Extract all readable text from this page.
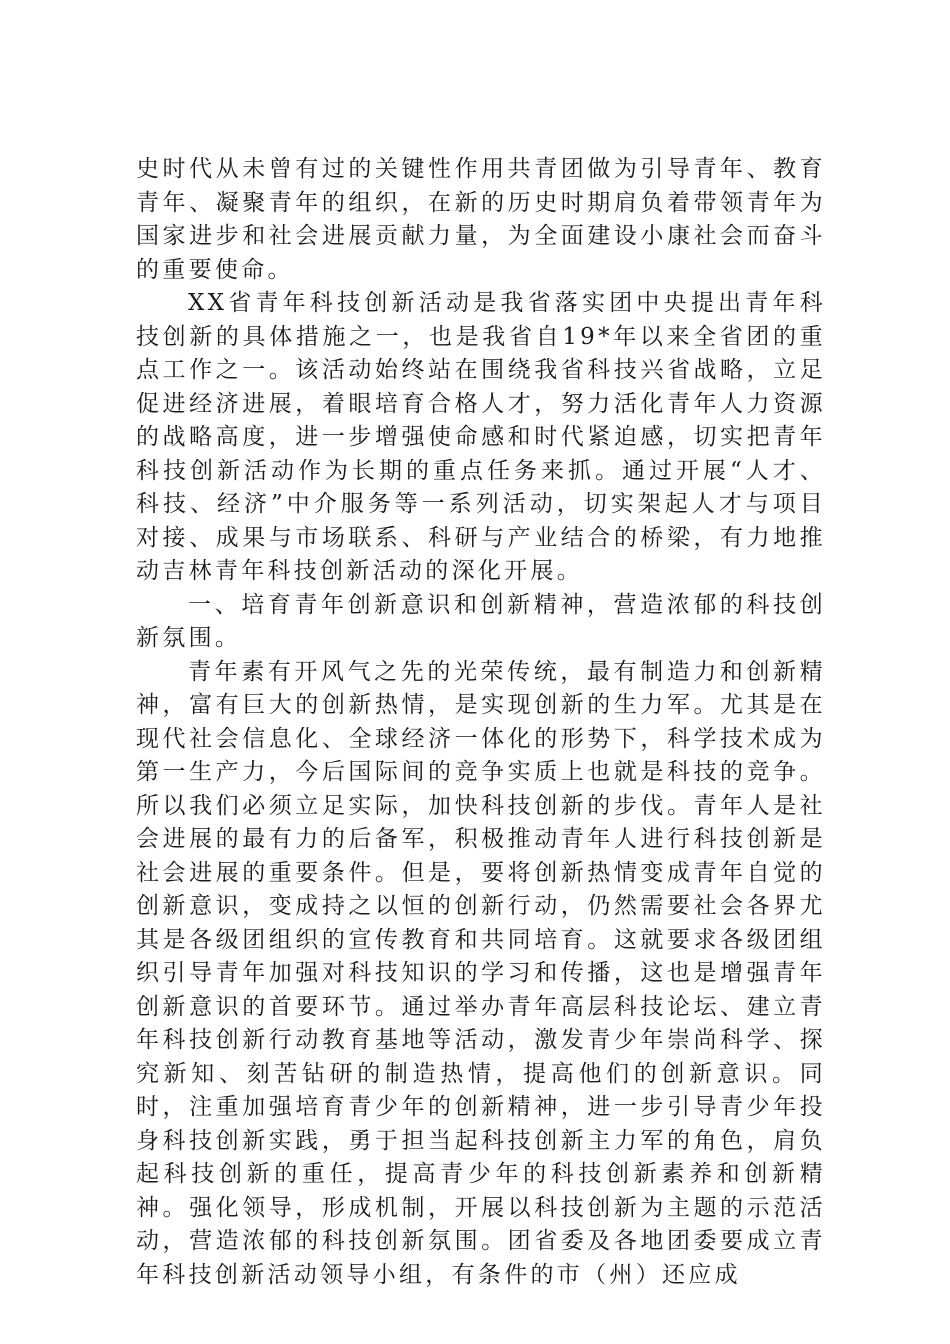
史时代从未曾有过的关键性作用共青团做为引导青年、教育青年、凝聚青年的组织，在新的历史时期肩负着带领青年为国家进步和社会进展贡献力量，为全面建设小康社会而奋斗的重要使命。

XX省青年科技创新活动是我省落实团中央提出青年科技创新的具体措施之一，也是我省自19*年以来全省团的重点工作之一。该活动始终站在围绕我省科技兴省战略，立足促进经济进展，着眼培育合格人才，努力活化青年人力资源的战略高度，进一步增强使命感和时代紧迫感，切实把青年科技创新活动作为长期的重点任务来抓。通过开展“人才、科技、经济”中介服务等一系列活动，切实架起人才与项目对接、成果与市场联系、科研与产业结合的桥梁，有力地推动吉林青年科技创新活动的深化开展。

一、培育青年创新意识和创新精神，营造浓郁的科技创新氛围。

青年素有开风气之先的光荣传统，最有制造力和创新精神，富有巨大的创新热情，是实现创新的生力军。尤其是在现代社会信息化、全球经济一体化的形势下，科学技术成为第一生产力，今后国际间的竞争实质上也就是科技的竞争。所以我们必须立足实际，加快科技创新的步伐。青年人是社会进展的最有力的后备军，积极推动青年人进行科技创新是社会进展的重要条件。但是，要将创新热情变成青年自觉的创新意识，变成持之以恒的创新行动，仍然需要社会各界尤其是各级团组织的宣传教育和共同培育。这就要求各级团组织引导青年加强对科技知识的学习和传播，这也是增强青年创新意识的首要环节。通过举办青年高层科技论坛、建立青年科技创新行动教育基地等活动，激发青少年崇尚科学、探究新知、刻苦钻研的制造热情，提高他们的创新意识。同时，注重加强培育青少年的创新精神，进一步引导青少年投身科技创新实践，勇于担当起科技创新主力军的角色，肩负起科技创新的重任，提高青少年的科技创新素养和创新精神。强化领导，形成机制，开展以科技创新为主题的示范活动，营造浓郁的科技创新氛围。团省委及各地团委要成立青年科技创新活动领导小组，有条件的市（州）还应成
